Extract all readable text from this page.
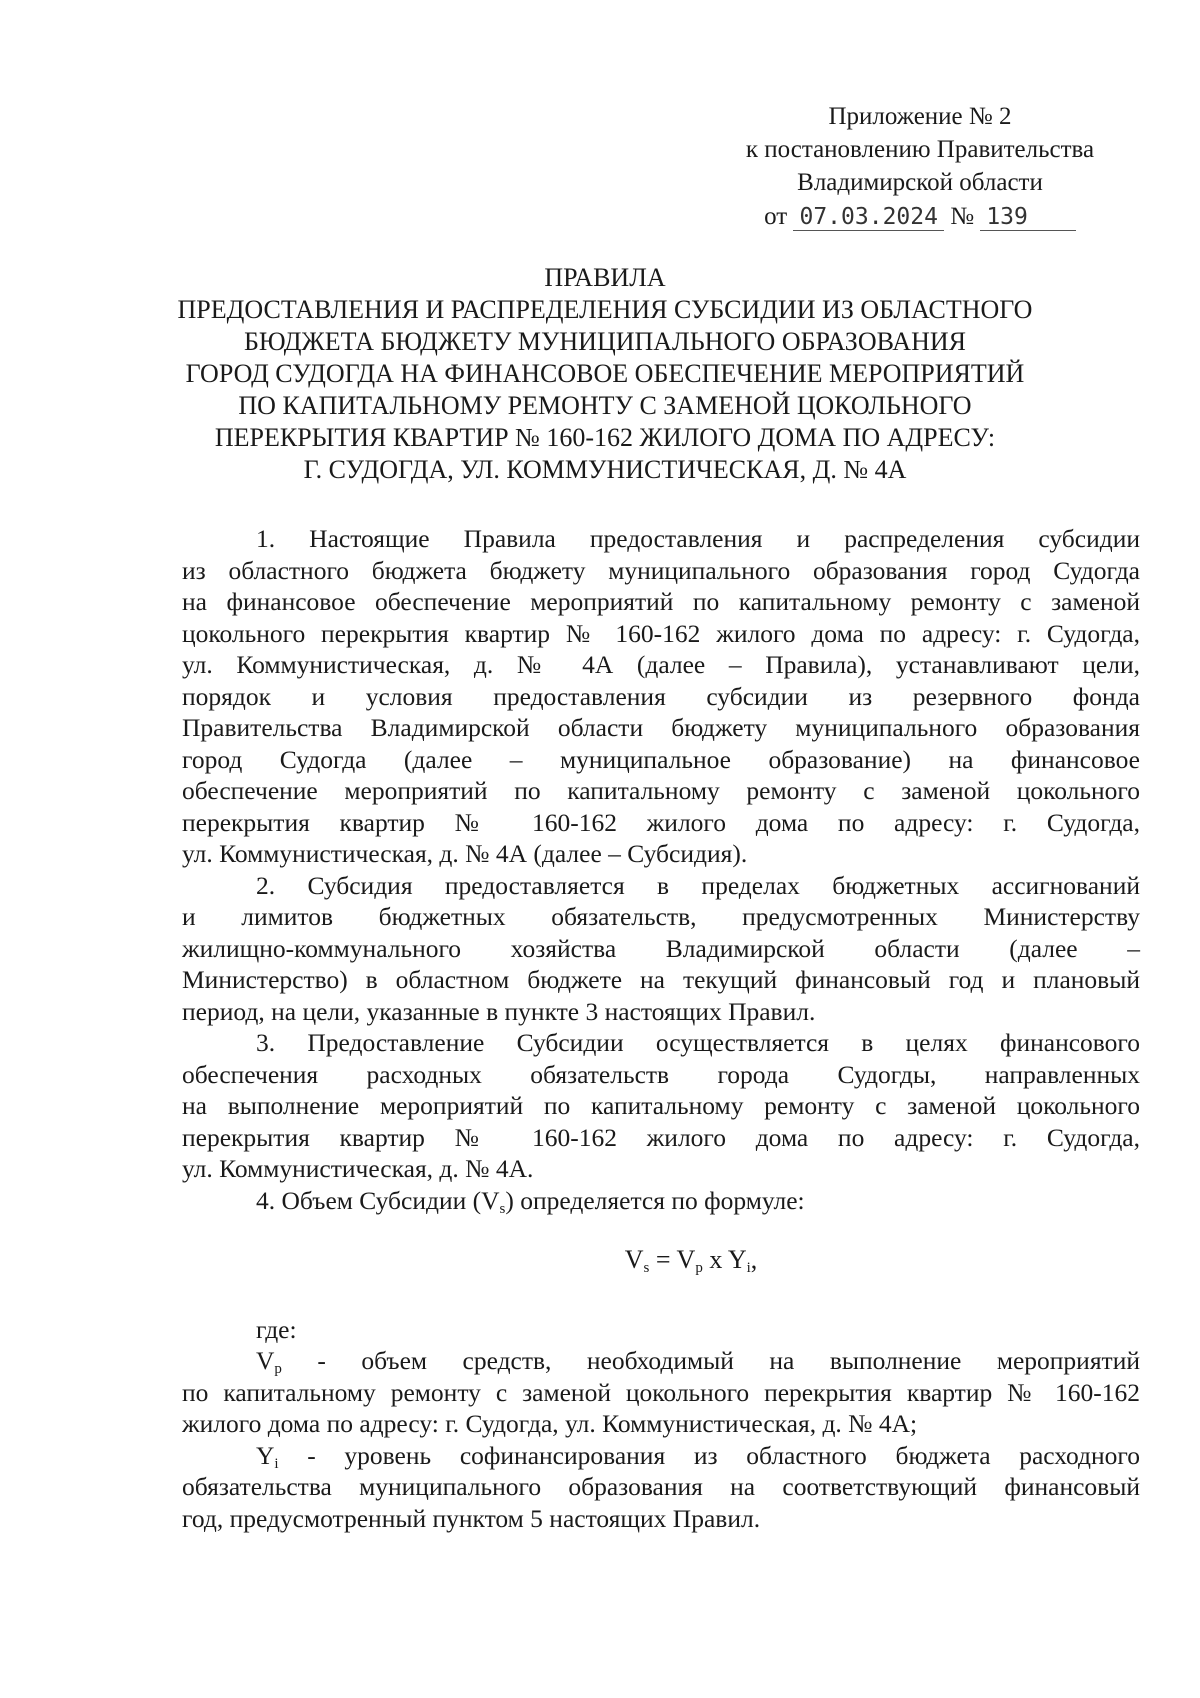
Приложение № 2
к постановлению Правительства
Владимирской области
от 07.03.2024 № 139
ПРАВИЛА
ПРЕДОСТАВЛЕНИЯ И РАСПРЕДЕЛЕНИЯ СУБСИДИИ ИЗ ОБЛАСТНОГО
БЮДЖЕТА БЮДЖЕТУ МУНИЦИПАЛЬНОГО ОБРАЗОВАНИЯ
ГОРОД СУДОГДА НА ФИНАНСОВОЕ ОБЕСПЕЧЕНИЕ МЕРОПРИЯТИЙ
ПО КАПИТАЛЬНОМУ РЕМОНТУ С ЗАМЕНОЙ ЦОКОЛЬНОГО
ПЕРЕКРЫТИЯ КВАРТИР № 160-162 ЖИЛОГО ДОМА ПО АДРЕСУ:
Г. СУДОГДА, УЛ. КОММУНИСТИЧЕСКАЯ, Д. № 4А
1. Настоящие Правила предоставления и распределения субсидии
из областного бюджета бюджету муниципального образования город Судогда
на финансовое обеспечение мероприятий по капитальному ремонту с заменой
цокольного перекрытия квартир № 160-162 жилого дома по адресу: г. Судогда,
ул. Коммунистическая, д. № 4А (далее – Правила), устанавливают цели,
порядок и условия предоставления субсидии из резервного фонда
Правительства Владимирской области бюджету муниципального образования
город Судогда (далее – муниципальное образование) на финансовое
обеспечение мероприятий по капитальному ремонту с заменой цокольного
перекрытия квартир № 160-162 жилого дома по адресу: г. Судогда,
ул. Коммунистическая, д. № 4А (далее – Субсидия).
2. Субсидия предоставляется в пределах бюджетных ассигнований
и лимитов бюджетных обязательств, предусмотренных Министерству
жилищно-коммунального хозяйства Владимирской области (далее –
Министерство) в областном бюджете на текущий финансовый год и плановый
период, на цели, указанные в пункте 3 настоящих Правил.
3. Предоставление Субсидии осуществляется в целях финансового
обеспечения расходных обязательств города Судогды, направленных
на выполнение мероприятий по капитальному ремонту с заменой цокольного
перекрытия квартир № 160-162 жилого дома по адресу: г. Судогда,
ул. Коммунистическая, д. № 4А.
4. Объем Субсидии $(V_s)$ определяется по формуле:
$V_s = V_p$ x $Y_i$,

где:

$V_p$ - объем средств, необходимый на выполнение мероприятий
по капитальному ремонту с заменой цокольного перекрытия квартир № 160-162
жилого дома по адресу: г. Судогда, ул. Коммунистическая, д. № 4А;
$Y_i$ - уровень софинансирования из областного бюджета расходного
обязательства муниципального образования на соответствующий финансовый
год, предусмотренный пунктом 5 настоящих Правил.
